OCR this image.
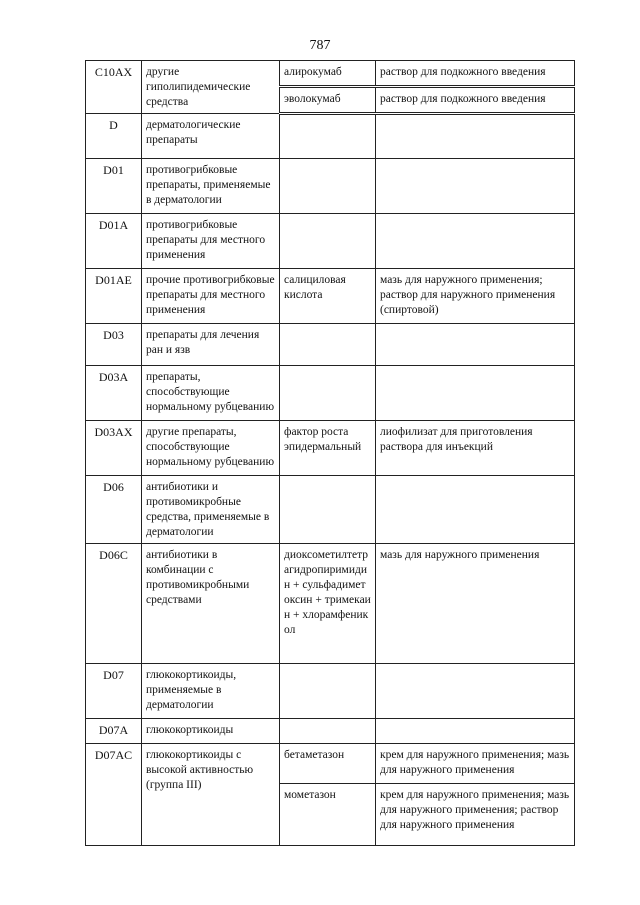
787
C10AX	другие гиполипидемические средства	алирокумаб	раствор для подкожного введения
		эволокумаб	раствор для подкожного введения
D	дерматологические препараты		
D01	противогрибковые препараты, применяемые в дерматологии		
D01A	противогрибковые препараты для местного применения		
D01AE	прочие противогрибковые препараты для местного применения	салициловая кислота	мазь для наружного применения; раствор для наружного применения (спиртовой)
D03	препараты для лечения ран и язв		
D03A	препараты, способствующие нормальному рубцеванию		
D03AX	другие препараты, способствующие нормальному рубцеванию	фактор роста эпидермальный	лиофилизат для приготовления раствора для инъекций
D06	антибиотики и противомикробные средства, применяемые в дерматологии		
D06C	антибиотики в комбинации с противомикробными средствами	диоксометилтетрагидропиримидин + сульфадиметоксин + тримекаин + хлорамфеникол	мазь для наружного применения
D07	глюкокортикоиды, применяемые в дерматологии		
D07A	глюкокортикоиды		
D07AC	глюкокортикоиды с высокой активностью (группа III)	бетаметазон	крем для наружного применения; мазь для наружного применения
		мометазон	крем для наружного применения; мазь для наружного применения; раствор для наружного применения
